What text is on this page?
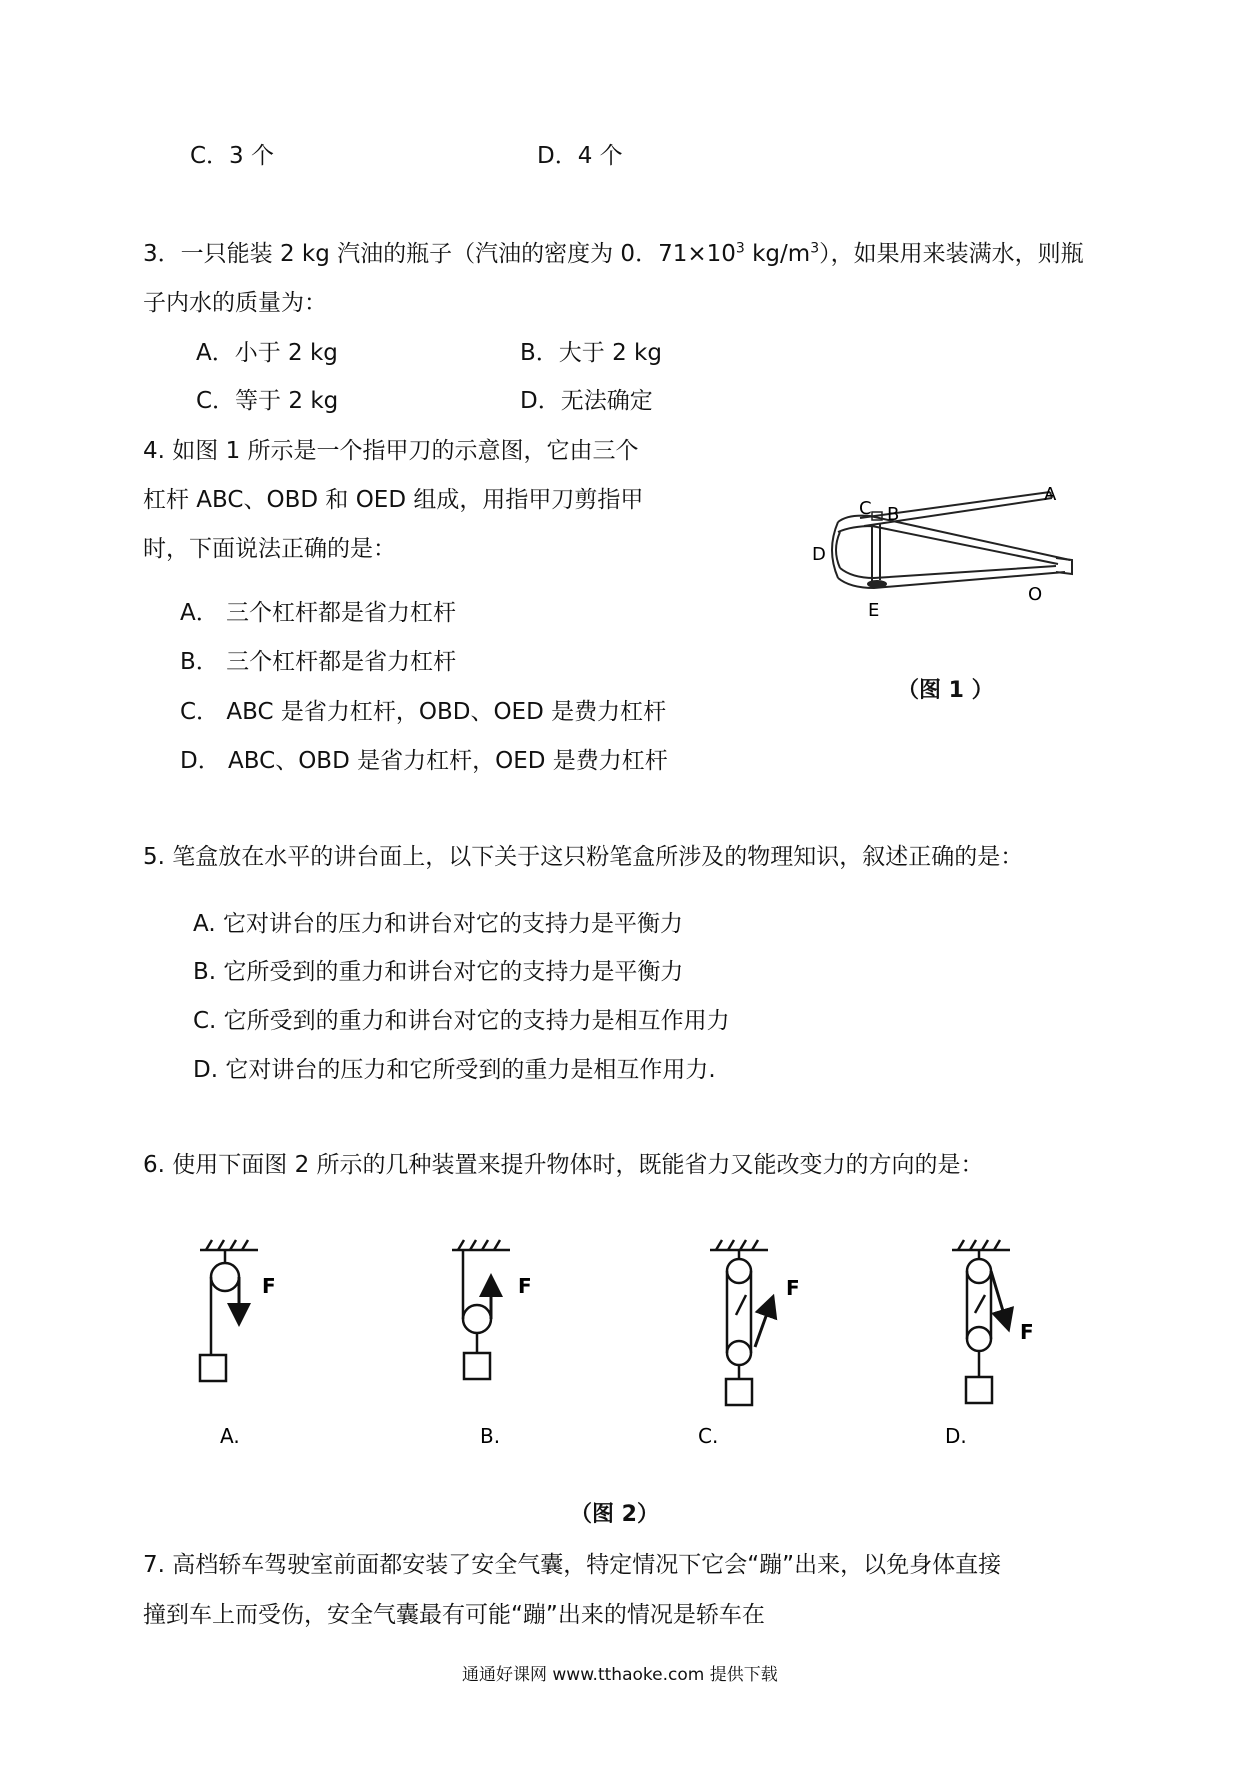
C．3 个	D．4 个
3．一只能装 2 kg 汽油的瓶子（汽油的密度为 0．$71\times 10^3$ $kg/m^3$），如果用来装满水，则瓶
子内水的质量为：
A．小于 2 kg	B．大于 2 kg
C．等于 2 kg	D．无法确定
4. 如图 1 所示是一个指甲刀的示意图，它由三个
杠杆 ABC、OBD 和 OED 组成，用指甲刀剪指甲
时，下面说法正确的是：
A． 三个杠杆都是省力杠杆
B． 三个杠杆都是省力杠杆
C． ABC 是省力杠杆，OBD、OED 是费力杠杆
D． ABC、OBD 是省力杠杆，OED 是费力杠杆
C B
A
D
E
O
（图 1 ）
5. 笔盒放在水平的讲台面上，以下关于这只粉笔盒所涉及的物理知识，叙述正确的是：
A. 它对讲台的压力和讲台对它的支持力是平衡力
B. 它所受到的重力和讲台对它的支持力是平衡力
C. 它所受到的重力和讲台对它的支持力是相互作用力
D. 它对讲台的压力和它所受到的重力是相互作用力.
6. 使用下面图 2 所示的几种装置来提升物体时，既能省力又能改变力的方向的是：
F	F	F
F
A.	B.	C.	D.
（图 2）
7. 高档轿车驾驶室前面都安装了安全气囊，特定情况下它会“蹦”出来，以免身体直接
撞到车上而受伤，安全气囊最有可能“蹦”出来的情况是轿车在
通通好课网 www.tthaoke.com 提供下载
